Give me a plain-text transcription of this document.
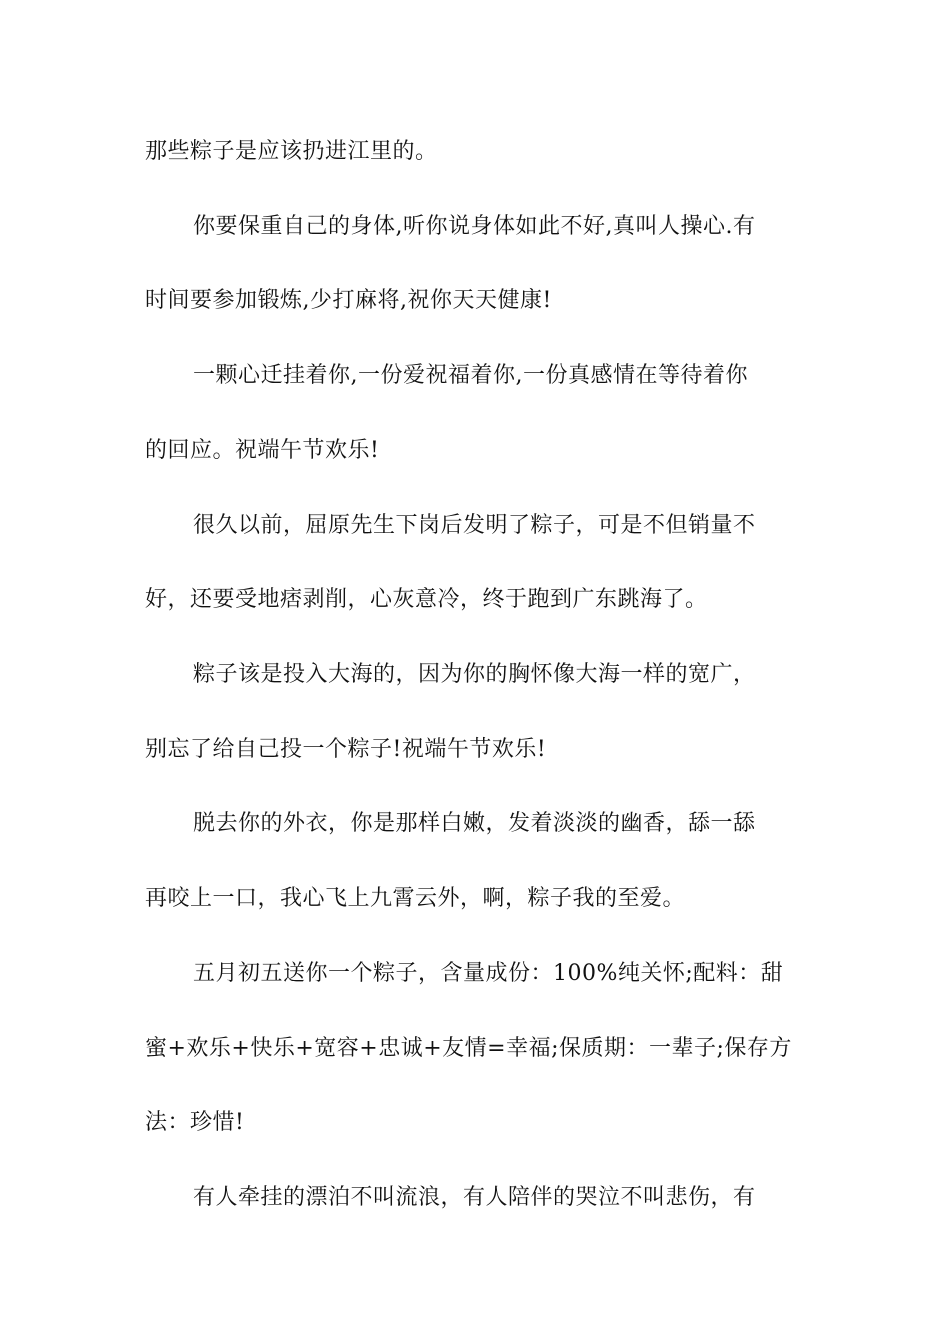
那些粽子是应该扔进江里的。
你要保重自己的身体,听你说身体如此不好,真叫人操心.有
时间要参加锻炼,少打麻将,祝你天天健康!
一颗心迁挂着你,一份爱祝福着你,一份真感情在等待着你
的回应。祝端午节欢乐!
很久以前，屈原先生下岗后发明了粽子，可是不但销量不
好，还要受地痞剥削，心灰意冷，终于跑到广东跳海了。
粽子该是投入大海的，因为你的胸怀像大海一样的宽广，
别忘了给自己投一个粽子!祝端午节欢乐!
脱去你的外衣，你是那样白嫩，发着淡淡的幽香，舔一舔
再咬上一口，我心飞上九霄云外，啊，粽子我的至爱。
五月初五送你一个粽子，含量成份：100%纯关怀;配料：甜
蜜+欢乐+快乐+宽容+忠诚+友情=幸福;保质期：一辈子;保存方
法：珍惜!
有人牵挂的漂泊不叫流浪，有人陪伴的哭泣不叫悲伤，有
